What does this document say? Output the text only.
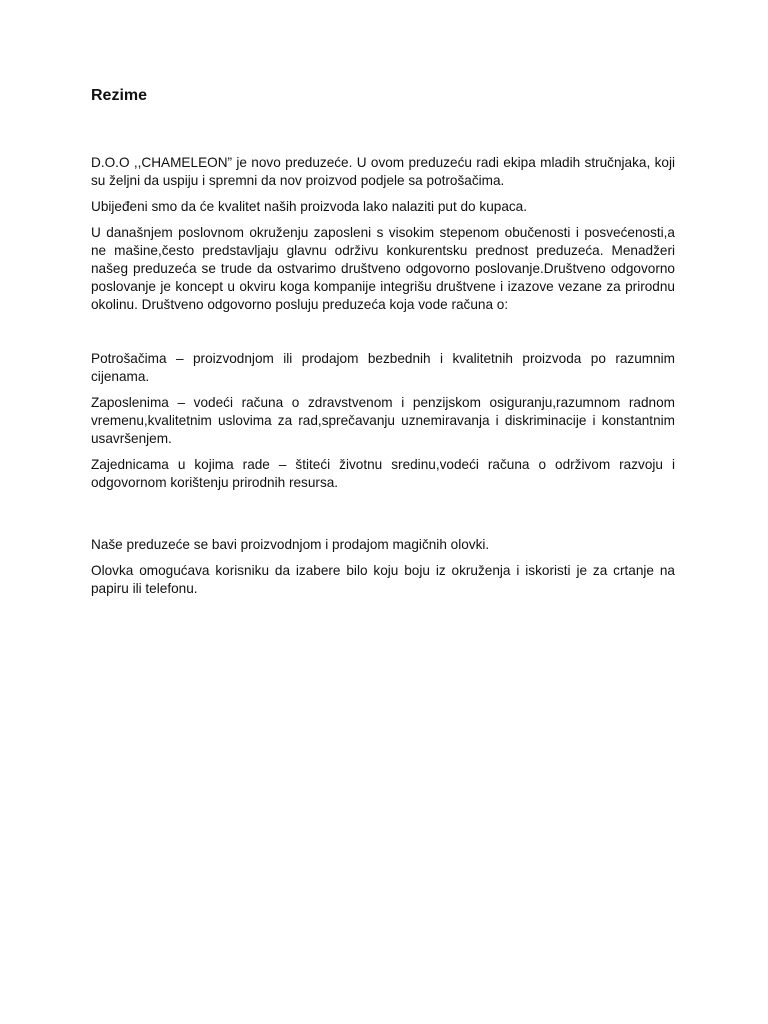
Rezime

D.O.O ,,CHAMELEON” je novo preduzeće. U ovom preduzeću radi ekipa mladih stručnjaka, koji su željni da uspiju i spremni da nov proizvod podjele sa potrošačima.

Ubijeđeni smo da će kvalitet naših proizvoda lako nalaziti put do kupaca.

U današnjem poslovnom okruženju zaposleni s visokim stepenom obučenosti i posvećenosti,a ne mašine,često predstavljaju glavnu održivu konkurentsku prednost preduzeća. Menadžeri našeg preduzeća se trude da ostvarimo društveno odgovorno poslovanje.Društveno odgovorno poslovanje je koncept u okviru koga kompanije integrišu društvene i izazove vezane za prirodnu okolinu. Društveno odgovorno posluju preduzeća koja vode računa o:

Potrošačima – proizvodnjom ili prodajom bezbednih i kvalitetnih proizvoda po razumnim cijenama.

Zaposlenima – vodeći računa o zdravstvenom i penzijskom osiguranju,razumnom radnom vremenu,kvalitetnim uslovima za rad,sprečavanju uznemiravanja i diskriminacije i konstantnim usavršenjem.

Zajednicama u kojima rade – štiteći životnu sredinu,vodeći računa o održivom razvoju i odgovornom korištenju prirodnih resursa.

Naše preduzeće se bavi proizvodnjom i prodajom magičnih olovki.

Olovka omogućava korisniku da izabere bilo koju boju iz okruženja i iskoristi je za crtanje na papiru ili telefonu.
